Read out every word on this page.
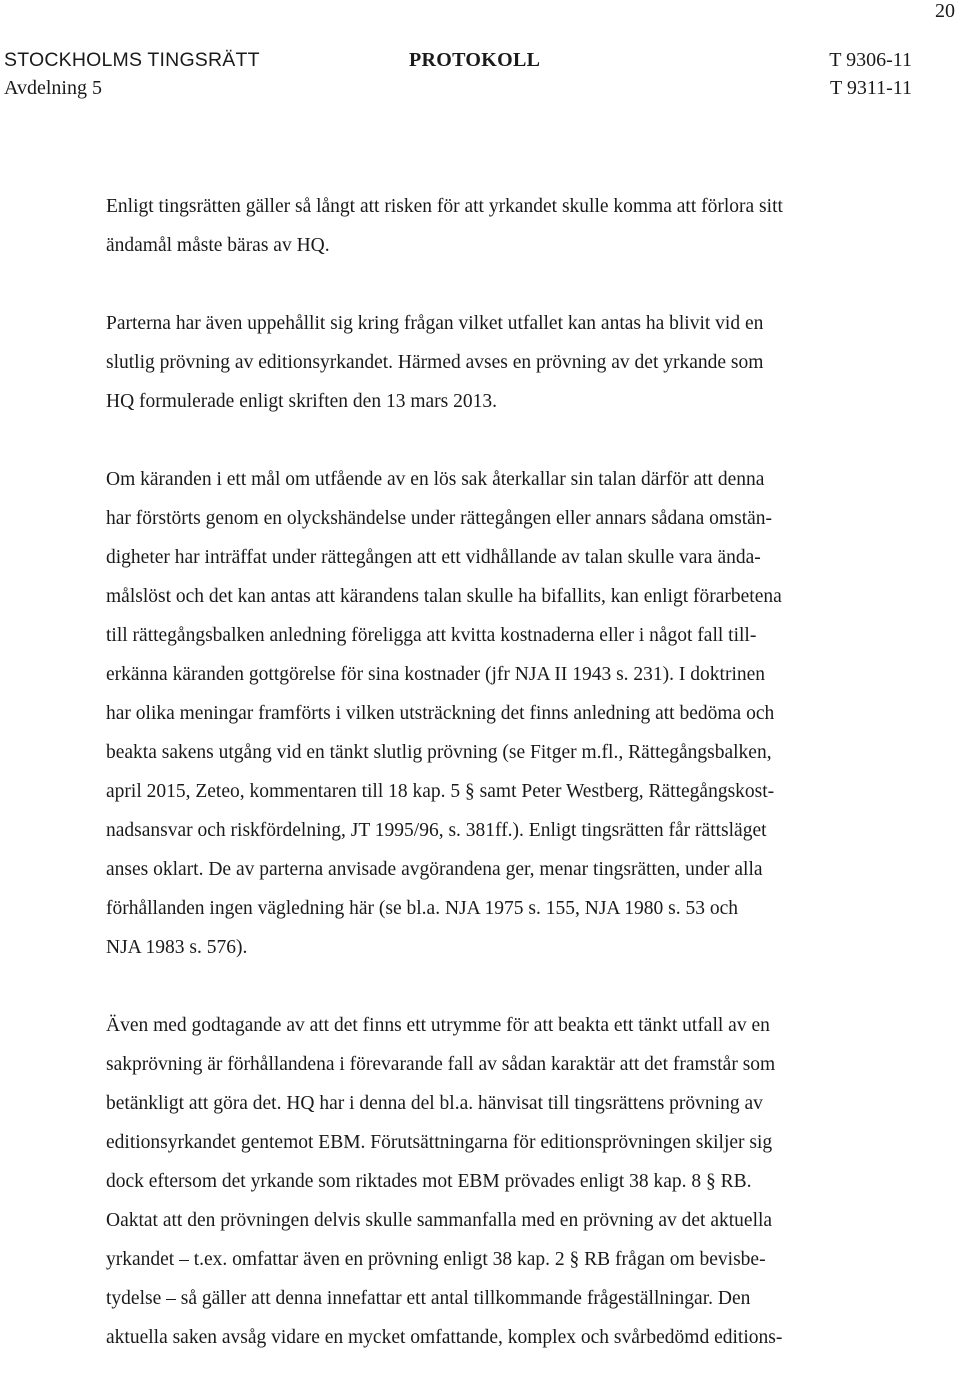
20
STOCKHOLMS TINGSRÄTT	PROTOKOLL	T 9306-11
Avdelning 5	T 9311-11
Enligt tingsrätten gäller så långt att risken för att yrkandet skulle komma att förlora sitt
ändamål måste bäras av HQ.
Parterna har även uppehållit sig kring frågan vilket utfallet kan antas ha blivit vid en
slutlig prövning av editionsyrkandet. Härmed avses en prövning av det yrkande som
HQ formulerade enligt skriften den 13 mars 2013.
Om käranden i ett mål om utfående av en lös sak återkallar sin talan därför att denna
har förstörts genom en olyckshändelse under rättegången eller annars sådana omstän-
digheter har inträffat under rättegången att ett vidhållande av talan skulle vara ända-
målslöst och det kan antas att kärandens talan skulle ha bifallits, kan enligt förarbetena
till rättegångsbalken anledning föreligga att kvitta kostnaderna eller i något fall till-
erkänna käranden gottgörelse för sina kostnader (jfr NJA II 1943 s. 231). I doktrinen
har olika meningar framförts i vilken utsträckning det finns anledning att bedöma och
beakta sakens utgång vid en tänkt slutlig prövning (se Fitger m.fl., Rättegångsbalken,
april 2015, Zeteo, kommentaren till 18 kap. 5 § samt Peter Westberg, Rättegångskost-
nadsansvar och riskfördelning, JT 1995/96, s. 381ff.). Enligt tingsrätten får rättsläget
anses oklart. De av parterna anvisade avgörandena ger, menar tingsrätten, under alla
förhållanden ingen vägledning här (se bl.a. NJA 1975 s. 155, NJA 1980 s. 53 och
NJA 1983 s. 576).
Även med godtagande av att det finns ett utrymme för att beakta ett tänkt utfall av en
sakprövning är förhållandena i förevarande fall av sådan karaktär att det framstår som
betänkligt att göra det. HQ har i denna del bl.a. hänvisat till tingsrättens prövning av
editionsyrkandet gentemot EBM. Förutsättningarna för editionsprövningen skiljer sig
dock eftersom det yrkande som riktades mot EBM prövades enligt 38 kap. 8 § RB.
Oaktat att den prövningen delvis skulle sammanfalla med en prövning av det aktuella
yrkandet – t.ex. omfattar även en prövning enligt 38 kap. 2 § RB frågan om bevisbe-
tydelse – så gäller att denna innefattar ett antal tillkommande frågeställningar. Den
aktuella saken avsåg vidare en mycket omfattande, komplex och svårbedömd editions-
